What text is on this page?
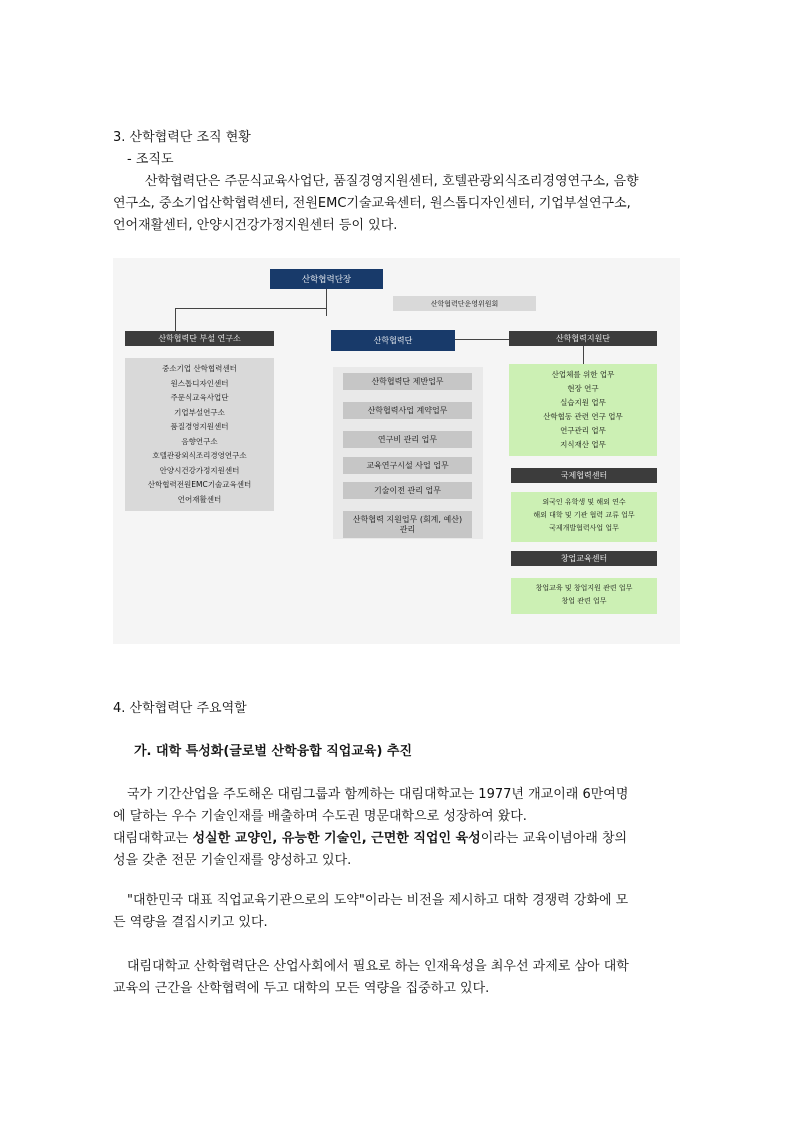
3. 산학협력단 조직 현황
- 조직도
산학협력단은 주문식교육사업단, 품질경영지원센터, 호텔관광외식조리경영연구소, 음향
연구소, 중소기업산학협력센터, 전원EMC기술교육센터, 원스톱디자인센터, 기업부설연구소,
언어재활센터, 안양시건강가정지원센터 등이 있다.
산학협력단장
산학협력단운영위원회
산학협력단 부설 연구소
중소기업 산학협력센터
원스톱디자인센터
주문식교육사업단
기업부설연구소
품질경영지원센터
음향연구소
호텔관광외식조리경영연구소
안양시건강가정지원센터
산학협력전원EMC기술교육센터
언어재활센터
산학협력단
산학협력단 제반업무
산학협력사업 계약업무
연구비 관리 업무
교육연구시설 사업 업무
기술이전 관리 업무
산학협력 지원업무 (회계, 예산) 관리
산학협력지원단
산업체를 위한 업무
현장 연구
실습지원 업무
산학협동 관련 연구 업무
연구관리 업무
지식재산 업무
국제협력센터
외국인 유학생 및 해외 연수
해외 대학 및 기관 협력 교류 업무
국제개발협력사업 업무
창업교육센터
창업교육 및 창업지원 관련 업무
창업 관련 업무
4. 산학협력단 주요역할
가. 대학 특성화(글로벌 산학융합 직업교육) 추진
국가 기간산업을 주도해온 대림그룹과 함께하는 대림대학교는 1977년 개교이래 6만여명
에 달하는 우수 기술인재를 배출하며 수도권 명문대학으로 성장하여 왔다.
대림대학교는 성실한 교양인, 유능한 기술인, 근면한 직업인 육성이라는 교육이념아래 창의
성을 갖춘 전문 기술인재를 양성하고 있다.
"대한민국 대표 직업교육기관으로의 도약"이라는 비전을 제시하고 대학 경쟁력 강화에 모
든 역량을 결집시키고 있다.
대림대학교 산학협력단은 산업사회에서 필요로 하는 인재육성을 최우선 과제로 삼아 대학
교육의 근간을 산학협력에 두고 대학의 모든 역량을 집중하고 있다.
